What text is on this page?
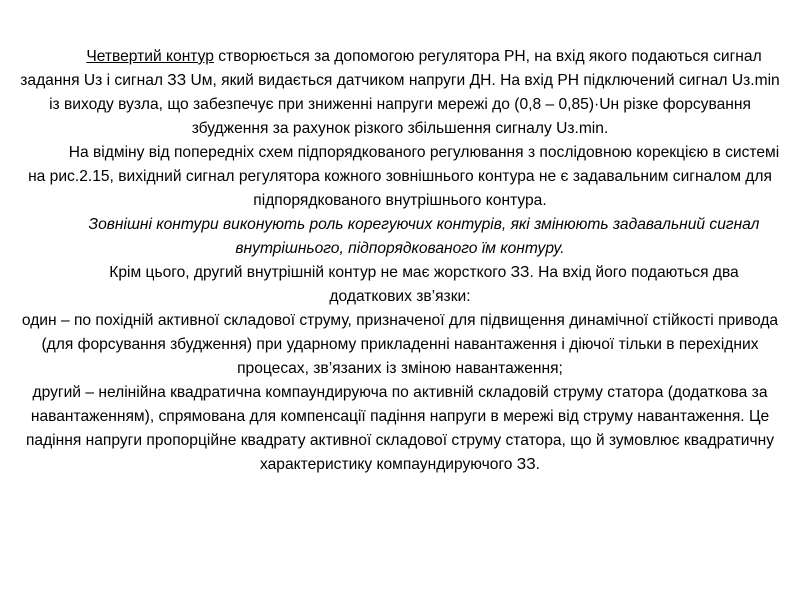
Четвертий контур створюється за допомогою регулятора РН, на вхід якого подаються сигнал задання Uз і сигнал ЗЗ Uм, який видається датчиком напруги ДН. На вхід РН підключений сигнал Uз.min із виходу вузла, що забезпечує при зниженні напруги мережі до (0,8 – 0,85)·Uн різке форсування збудження за рахунок різкого збільшення сигналу Uз.min.

На відміну від попередніх схем підпорядкованого регулювання з послідовною корекцією в системі на рис.2.15, вихідний сигнал регулятора кожного зовнішнього контура не є задавальним сигналом для підпорядкованого внутрішнього контура.

Зовнішні контури виконують роль корегуючих контурів, які змінюють задавальний сигнал внутрішнього, підпорядкованого їм контуру.

Крім цього, другий внутрішній контур не має жорсткого ЗЗ. На вхід його подаються два додаткових зв’язки:

один – по похідній активної складової струму, призначеної для підвищення динамічної стійкості привода (для форсування збудження) при ударному прикладенні навантаження і діючої тільки в перехідних процесах, зв’язаних із зміною навантаження;

другий – нелінійна квадратична компаундируюча по активній складовій струму статора (додаткова за навантаженням), спрямована для компенсації падіння напруги в мережі від струму навантаження. Це падіння напруги пропорційне квадрату активної складової струму статора, що й зумовлює квадратичну характеристику компаундируючого ЗЗ.
